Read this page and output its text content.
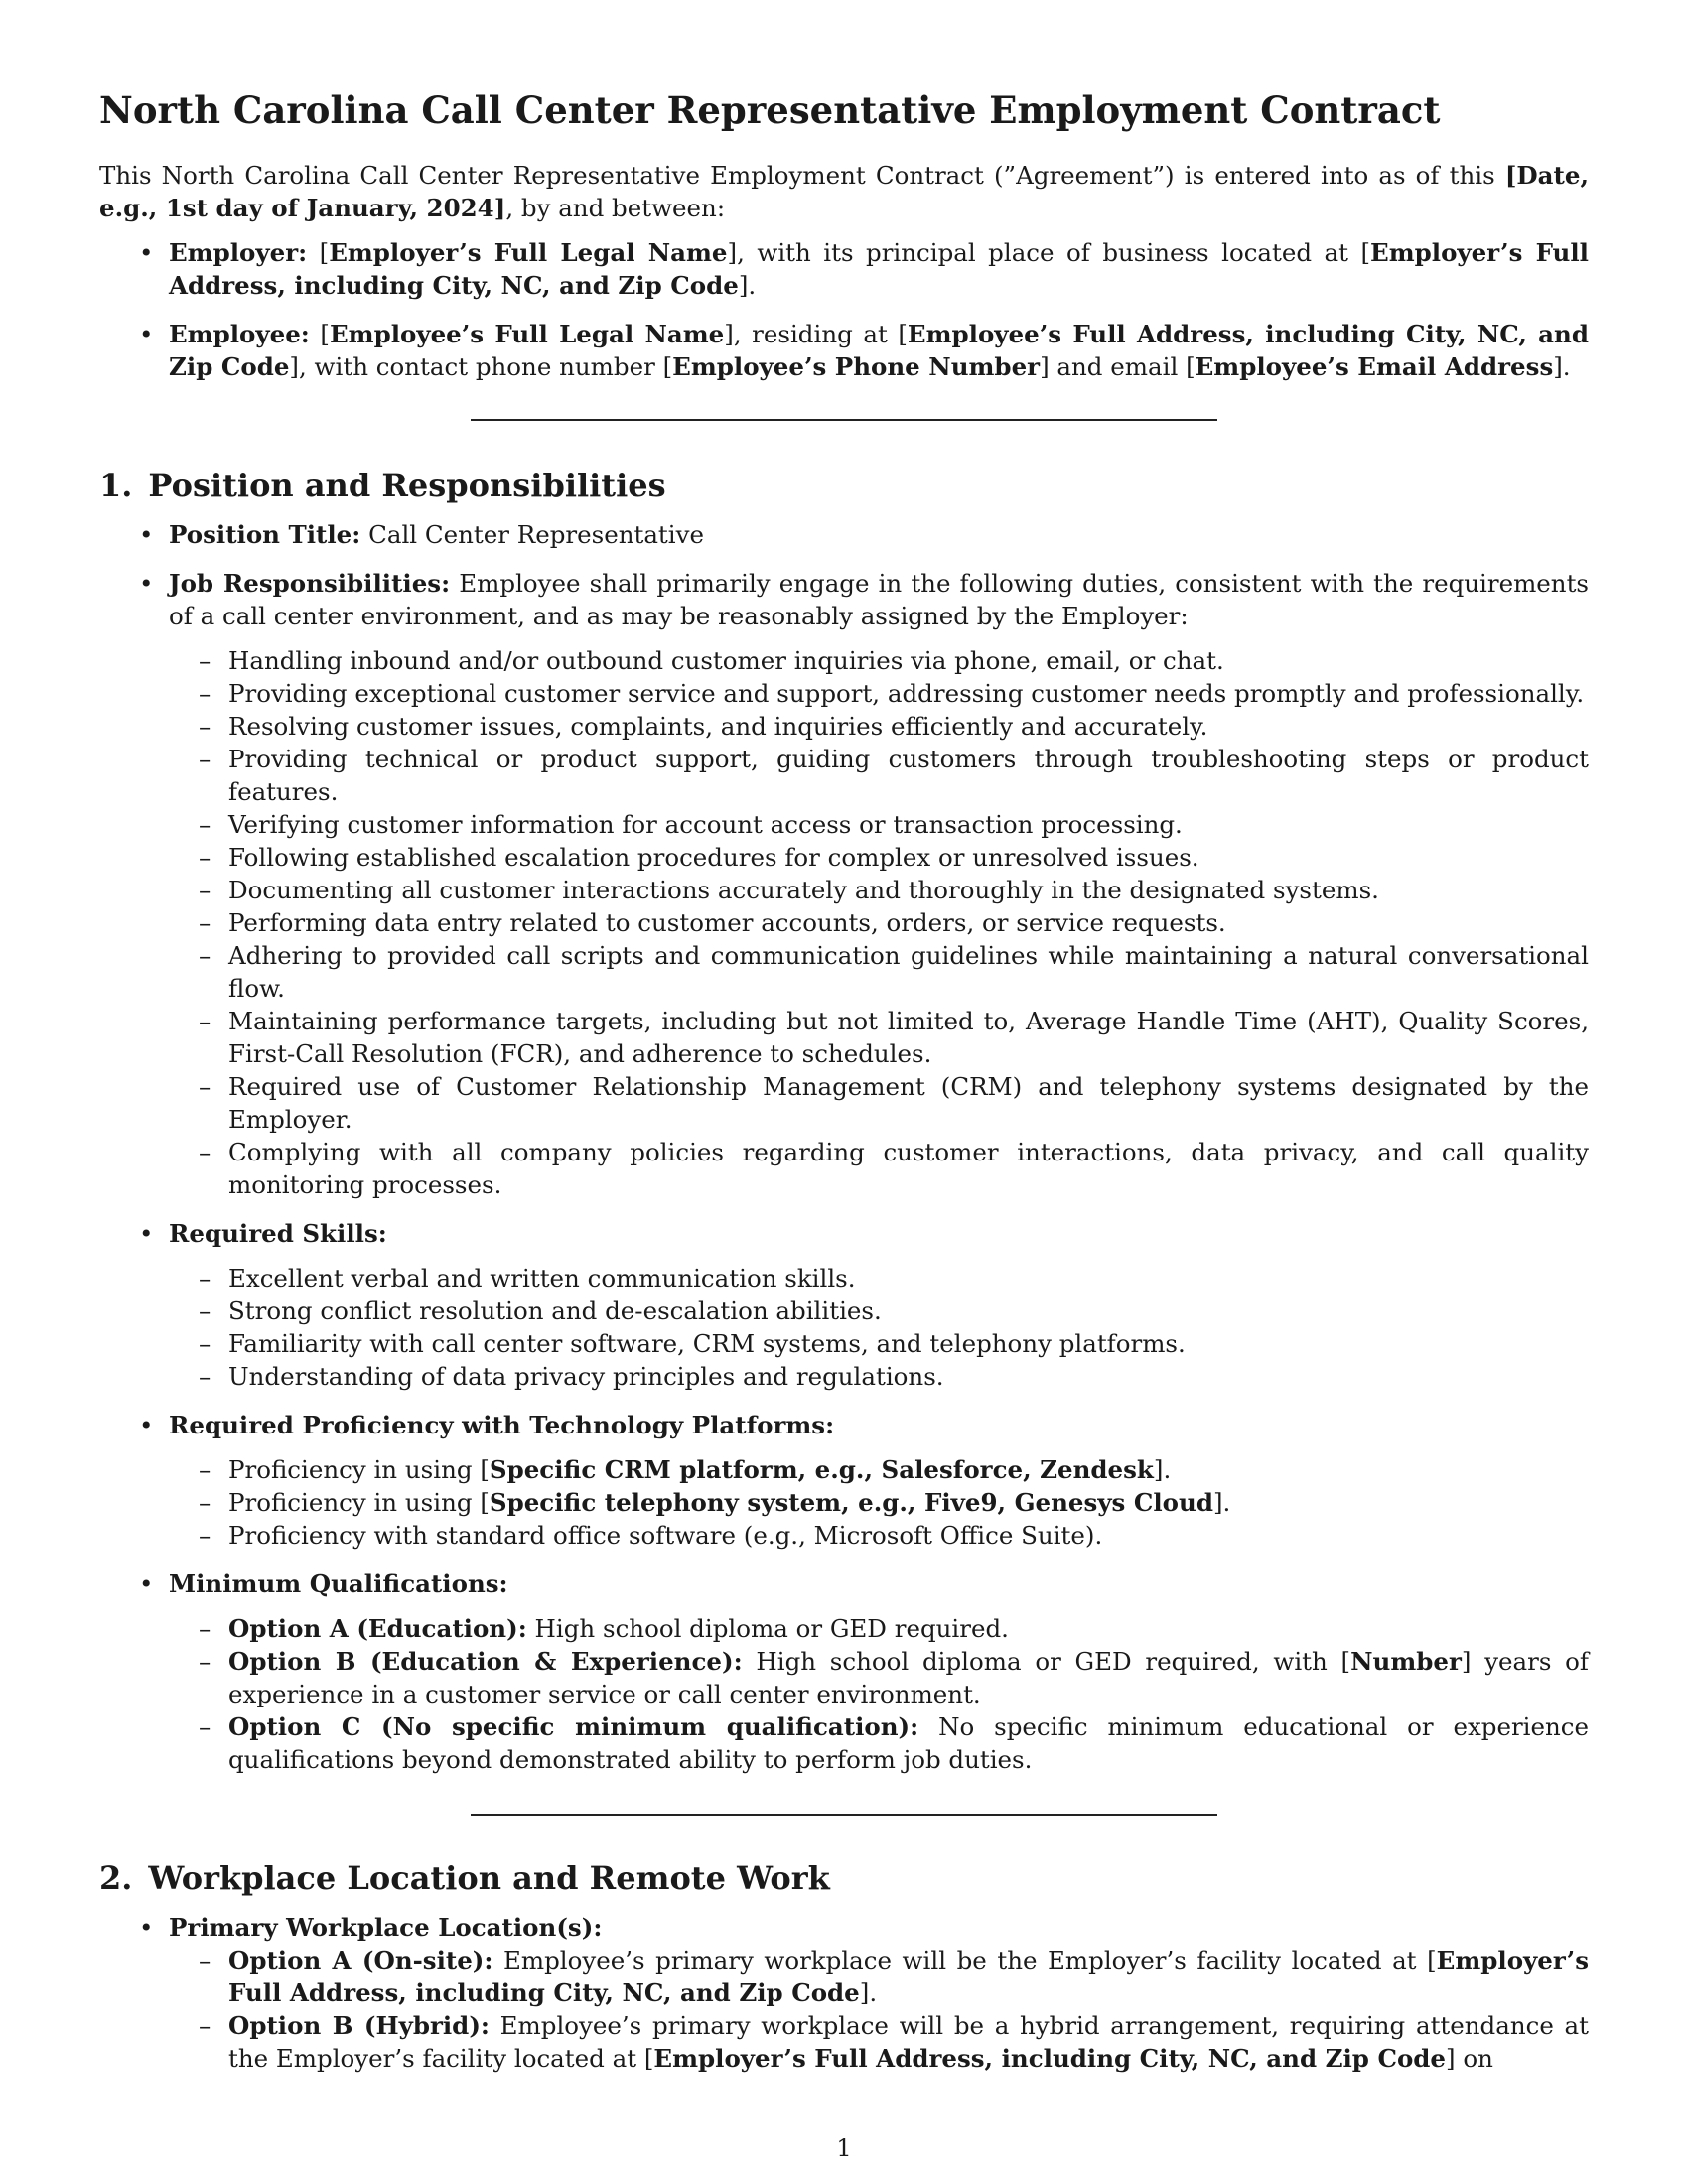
North Carolina Call Center Representative Employment Contract

This North Carolina Call Center Representative Employment Contract (”Agreement”) is entered into as of this [Date, e.g., 1st day of January, 2024], by and between:

• Employer: [Employer’s Full Legal Name], with its principal place of business located at [Employer’s Full Address, including City, NC, and Zip Code].
• Employee: [Employee’s Full Legal Name], residing at [Employee’s Full Address, including City, NC, and Zip Code], with contact phone number [Employee’s Phone Number] and email [Employee’s Email Address].
1. Position and Responsibilities
• Position Title: Call Center Representative
• Job Responsibilities: Employee shall primarily engage in the following duties, consistent with the requirements of a call center environment, and as may be reasonably assigned by the Employer:
– Handling inbound and/or outbound customer inquiries via phone, email, or chat.
– Providing exceptional customer service and support, addressing customer needs promptly and professionally.
– Resolving customer issues, complaints, and inquiries efficiently and accurately.
– Providing technical or product support, guiding customers through troubleshooting steps or product features.
– Verifying customer information for account access or transaction processing.
– Following established escalation procedures for complex or unresolved issues.
– Documenting all customer interactions accurately and thoroughly in the designated systems.
– Performing data entry related to customer accounts, orders, or service requests.
– Adhering to provided call scripts and communication guidelines while maintaining a natural conversational flow.
– Maintaining performance targets, including but not limited to, Average Handle Time (AHT), Quality Scores, First-Call Resolution (FCR), and adherence to schedules.
– Required use of Customer Relationship Management (CRM) and telephony systems designated by the Employer.
– Complying with all company policies regarding customer interactions, data privacy, and call quality monitoring processes.
• Required Skills:
– Excellent verbal and written communication skills.
– Strong conflict resolution and de-escalation abilities.
– Familiarity with call center software, CRM systems, and telephony platforms.
– Understanding of data privacy principles and regulations.
• Required Proficiency with Technology Platforms:
– Proficiency in using [Specific CRM platform, e.g., Salesforce, Zendesk].
– Proficiency in using [Specific telephony system, e.g., Five9, Genesys Cloud].
– Proficiency with standard office software (e.g., Microsoft Office Suite).
• Minimum Qualifications:
– Option A (Education): High school diploma or GED required.
– Option B (Education & Experience): High school diploma or GED required, with [Number] years of experience in a customer service or call center environment.
– Option C (No specific minimum qualification): No specific minimum educational or experience qualifications beyond demonstrated ability to perform job duties.
2. Workplace Location and Remote Work
• Primary Workplace Location(s):
– Option A (On-site): Employee’s primary workplace will be the Employer’s facility located at [Employer’s Full Address, including City, NC, and Zip Code].
– Option B (Hybrid): Employee’s primary workplace will be a hybrid arrangement, requiring attendance at the Employer’s facility located at [Employer’s Full Address, including City, NC, and Zip Code] on
1
